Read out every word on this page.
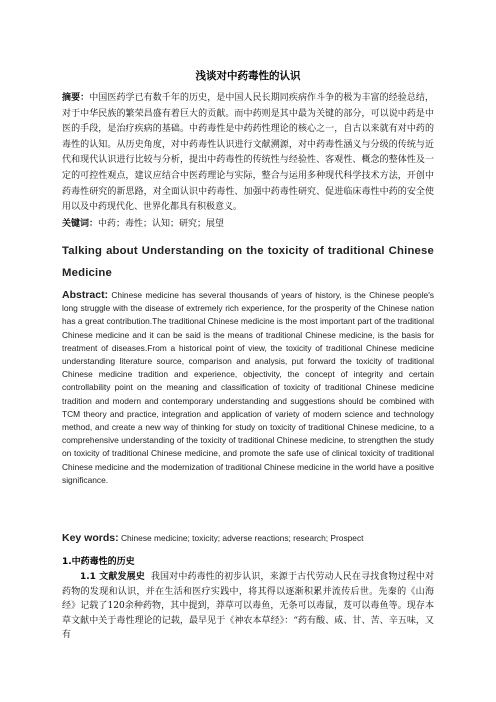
浅谈对中药毒性的认识

摘要：中国医药学已有数千年的历史，是中国人民长期同疾病作斗争的极为丰富的经验总结，对于中华民族的繁荣昌盛有着巨大的贡献。而中药则是其中最为关键的部分，可以说中药是中医的手段，是治疗疾病的基础。中药毒性是中药药性理论的核心之一，自古以来就有对中药的毒性的认知。从历史角度，对中药毒性认识进行文献溯源，对中药毒性涵义与分级的传统与近代和现代认识进行比较与分析，提出中药毒性的传统性与经验性、客观性、概念的整体性及一定的可控性观点，建议应结合中医药理论与实际，整合与运用多种现代科学技术方法，开创中药毒性研究的新思路，对全面认识中药毒性、加强中药毒性研究、促进临床毒性中药的安全使用以及中药现代化、世界化都具有积极意义。

关键词：中药；毒性；认知；研究；展望

Talking about Understanding on the toxicity of traditional Chinese Medicine

Abstract: Chinese medicine has several thousands of years of history, is the Chinese people's long struggle with the disease of extremely rich experience, for the prosperity of the Chinese nation has a great contribution.The traditional Chinese medicine is the most important part of the traditional Chinese medicine and it can be said is the means of traditional Chinese medicine, is the basis for treatment of diseases.From a historical point of view, the toxicity of traditional Chinese medicine understanding literature source, comparison and analysis, put forward the toxicity of traditional Chinese medicine tradition and experience, objectivity, the concept of integrity and certain controllability point on the meaning and classification of toxicity of traditional Chinese medicine tradition and modern and contemporary understanding and suggestions should be combined with TCM theory and practice, integration and application of variety of modern science and technology method, and create a new way of thinking for study on toxicity of traditional Chinese medicine, to a comprehensive understanding of the toxicity of traditional Chinese medicine, to strengthen the study on toxicity of traditional Chinese medicine, and promote the safe use of clinical toxicity of traditional Chinese medicine and the modernization of traditional Chinese medicine in the world have a positive significance.

Key words: Chinese medicine; toxicity; adverse reactions; research; Prospect

1.中药毒性的历史

1.1 文献发展史 我国对中药毒性的初步认识，来源于古代劳动人民在寻找食物过程中对药物的发现和认识，并在生活和医疗实践中，将其得以逐渐积累并流传后世。先秦的《山海经》记载了120余种药物，其中提到，莽草可以毒鱼，无条可以毒鼠，芨可以毒鱼等。现存本草文献中关于毒性理论的记载，最早见于《神农本草经》：“药有酸、咸、甘、苦、辛五味，又有
